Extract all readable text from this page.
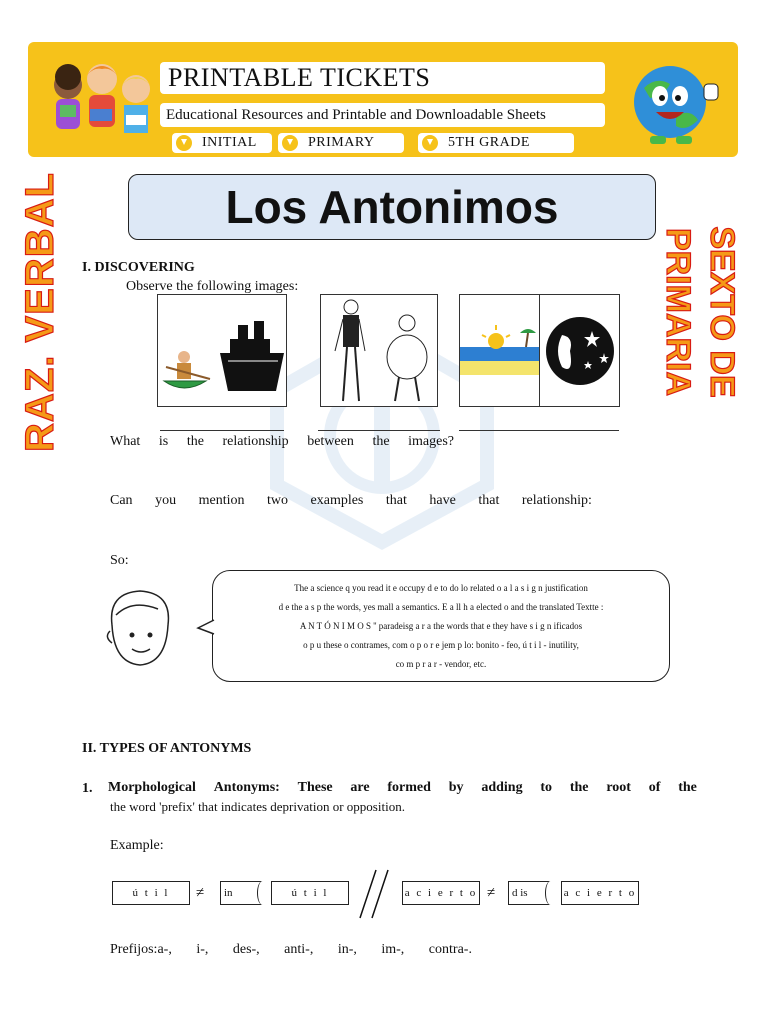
PRINTABLE TICKETS
Educational Resources and Printable and Downloadable Sheets
INITIAL	PRIMARY	5TH GRADE
RAZ. VERBAL	SEXTO DE PRIMARIA
Los Antonimos
I. DISCOVERING
Observe the following images:
What is the relationship between the images?
Can you mention two examples that have that relationship:
So:
The a science q you read it e occupy d e to do lo related o a l a s i g n justification
d e the a s p the words, yes mall a semantics. E a ll h a elected o and the translated Textte :
A N T Ó N I M O S '' paradeisg a r a the words that e they have s i g n ificados
o p u these o contrames, com o p o r e jem p lo: bonito - feo, ú t i l - inutility,
co m p r a r - vendor, etc.
II. TYPES OF ANTONYMS
1. Morphological Antonyms: These are formed by adding to the root of the
the word 'prefix' that indicates deprivation or opposition.
Example:
ú t i l	≠	in	ú t i l	a c i e r t o ≠	d is	a c i e r t o
Prefijos:a-, i-, des-, anti-, in-, im-, contra-.
